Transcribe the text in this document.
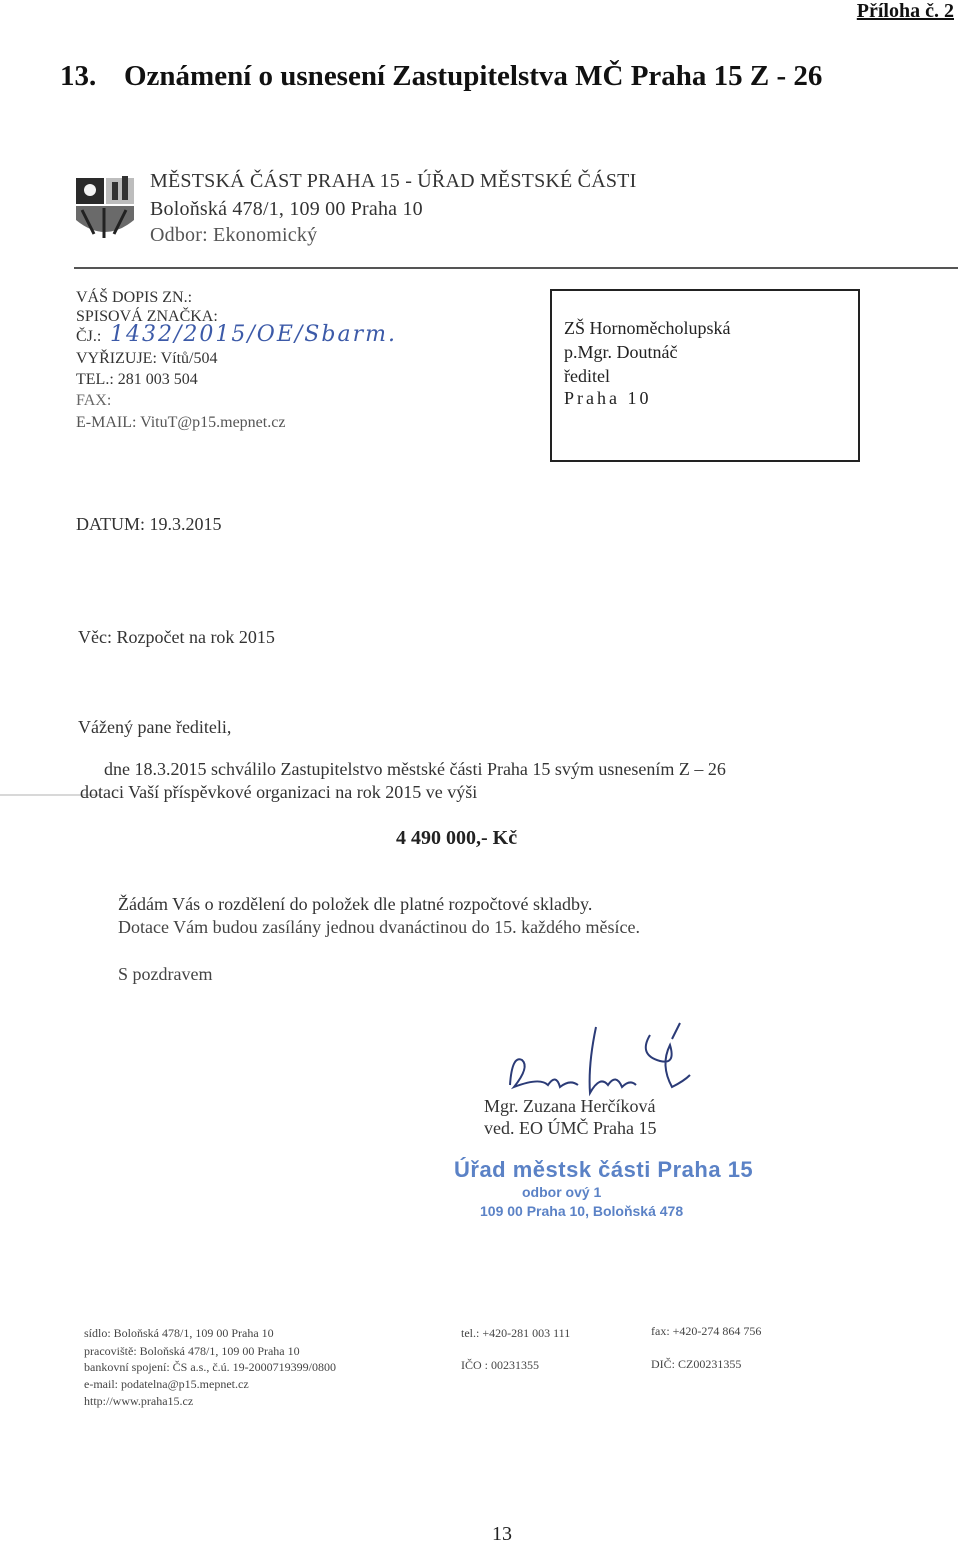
Příloha č. 2
13. Oznámení o usnesení Zastupitelstva MČ Praha 15 Z - 26
MĚSTSKÁ ČÁST PRAHA 15 - ÚŘAD MĚSTSKÉ ČÁSTI
Boloňská 478/1, 109 00 Praha 10
Odbor: Ekonomický
VÁŠ DOPIS ZN.:
SPISOVÁ ZNAČKA:
ČJ.: 1432/2015/OE/Sbarm.
VYŘIZUJE: Vítů/504
TEL.: 281 003 504
FAX:
E-MAIL: VituT@p15.mepnet.cz
ZŠ Hornoměcholupská
p.Mgr. Doutnáč
ředitel
Praha 10
DATUM: 19.3.2015
Věc: Rozpočet na rok 2015
Vážený pane řediteli,
dne 18.3.2015 schválilo Zastupitelstvo městské části Praha 15 svým usnesením Z – 26
dotaci Vaší příspěvkové organizaci na rok 2015 ve výši
4 490 000,- Kč
Žádám Vás o rozdělení do položek dle platné rozpočtové skladby.
Dotace Vám budou zasílány jednou dvanáctinou do 15. každého měsíce.
S pozdravem
Mgr. Zuzana Herčíková
ved. EO ÚMČ Praha 15
Úřad městsk části Praha 15
odbor ový 1
109 00 Praha 10, Boloňská 478
sídlo: Boloňská 478/1, 109 00 Praha 10
pracoviště: Boloňská 478/1, 109 00 Praha 10
bankovní spojení: ČS a.s., č.ú. 19-2000719399/0800
e-mail: podatelna@p15.mepnet.cz
http://www.praha15.cz
tel.: +420-281 003 111
IČO : 00231355
fax: +420-274 864 756
DIČ: CZ00231355
13
